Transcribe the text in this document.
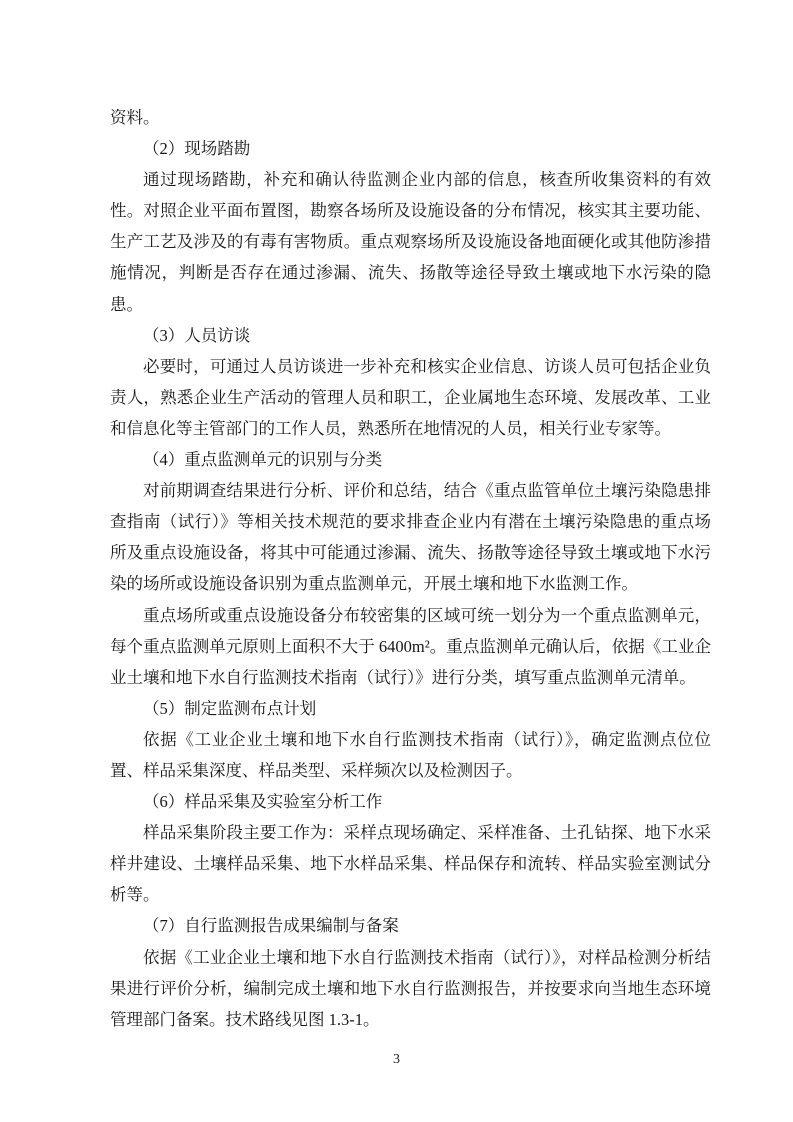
资料。

（2）现场踏勘

通过现场踏勘，补充和确认待监测企业内部的信息，核查所收集资料的有效性。对照企业平面布置图，勘察各场所及设施设备的分布情况，核实其主要功能、生产工艺及涉及的有毒有害物质。重点观察场所及设施设备地面硬化或其他防渗措施情况，判断是否存在通过渗漏、流失、扬散等途径导致土壤或地下水污染的隐患。

（3）人员访谈

必要时，可通过人员访谈进一步补充和核实企业信息、访谈人员可包括企业负责人，熟悉企业生产活动的管理人员和职工，企业属地生态环境、发展改革、工业和信息化等主管部门的工作人员，熟悉所在地情况的人员，相关行业专家等。

（4）重点监测单元的识别与分类

对前期调查结果进行分析、评价和总结，结合《重点监管单位土壤污染隐患排查指南（试行）》等相关技术规范的要求排查企业内有潜在土壤污染隐患的重点场所及重点设施设备，将其中可能通过渗漏、流失、扬散等途径导致土壤或地下水污染的场所或设施设备识别为重点监测单元，开展土壤和地下水监测工作。

重点场所或重点设施设备分布较密集的区域可统一划分为一个重点监测单元，每个重点监测单元原则上面积不大于 6400m²。重点监测单元确认后，依据《工业企业土壤和地下水自行监测技术指南（试行）》进行分类，填写重点监测单元清单。

（5）制定监测布点计划

依据《工业企业土壤和地下水自行监测技术指南（试行）》，确定监测点位位置、样品采集深度、样品类型、采样频次以及检测因子。

（6）样品采集及实验室分析工作

样品采集阶段主要工作为：采样点现场确定、采样准备、土孔钻探、地下水采样井建设、土壤样品采集、地下水样品采集、样品保存和流转、样品实验室测试分析等。

（7）自行监测报告成果编制与备案

依据《工业企业土壤和地下水自行监测技术指南（试行）》，对样品检测分析结果进行评价分析，编制完成土壤和地下水自行监测报告，并按要求向当地生态环境管理部门备案。技术路线见图 1.3-1。

3
